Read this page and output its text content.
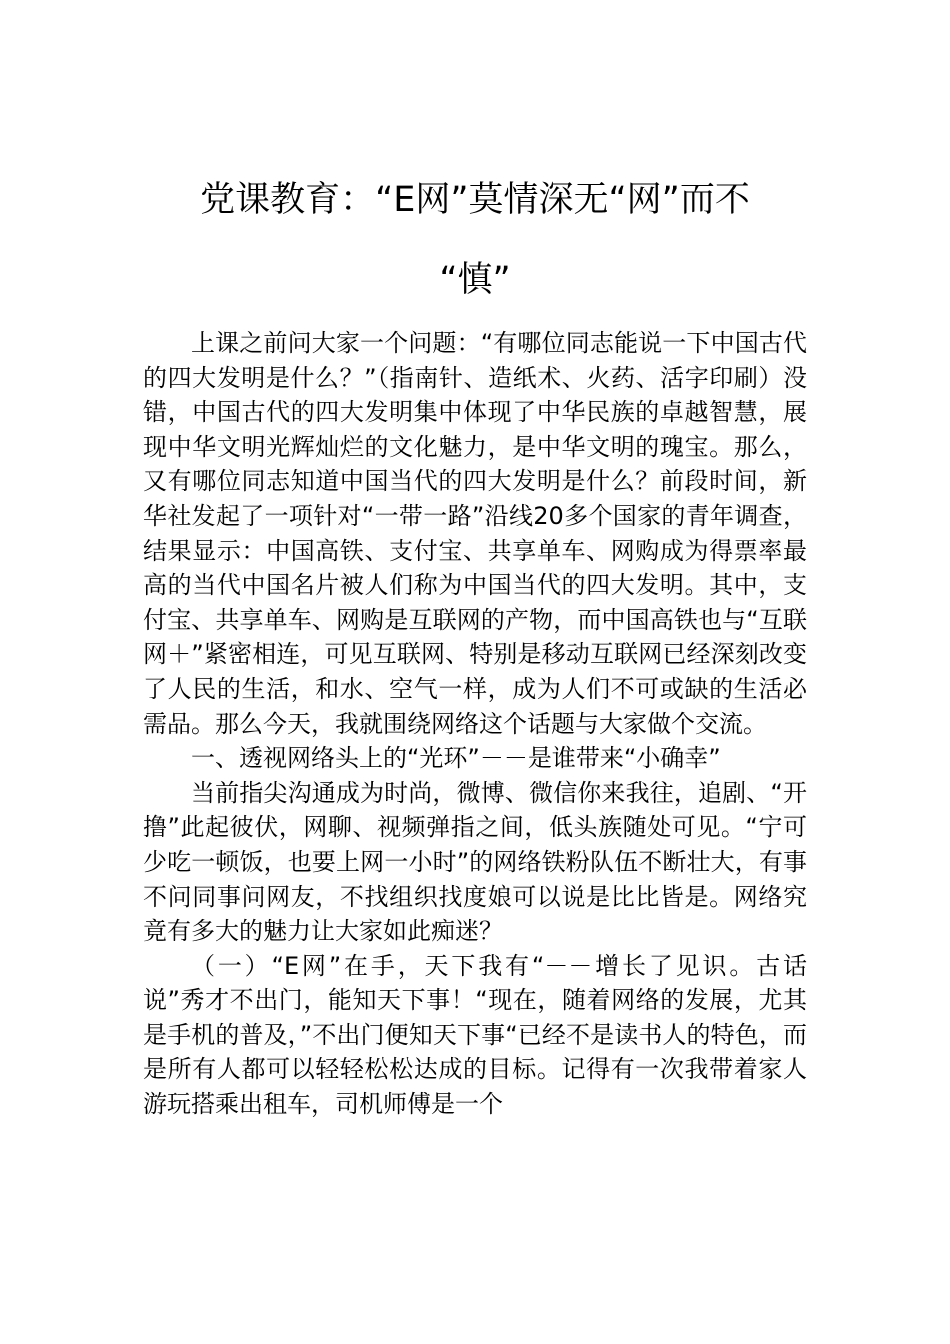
党课教育：“E网”莫情深无“网”而不
“慎”

上课之前问大家一个问题：“有哪位同志能说一下中国古代的四大发明是什么？”（指南针、造纸术、火药、活字印刷）没错，中国古代的四大发明集中体现了中华民族的卓越智慧，展现中华文明光辉灿烂的文化魅力，是中华文明的瑰宝。那么，又有哪位同志知道中国当代的四大发明是什么？前段时间，新华社发起了一项针对“一带一路”沿线20多个国家的青年调查，结果显示：中国高铁、支付宝、共享单车、网购成为得票率最高的当代中国名片被人们称为中国当代的四大发明。其中，支付宝、共享单车、网购是互联网的产物，而中国高铁也与“互联网＋”紧密相连，可见互联网、特别是移动互联网已经深刻改变了人民的生活，和水、空气一样，成为人们不可或缺的生活必需品。那么今天，我就围绕网络这个话题与大家做个交流。

一、透视网络头上的“光环”－－是谁带来“小确幸”

当前指尖沟通成为时尚，微博、微信你来我往，追剧、“开撸”此起彼伏，网聊、视频弹指之间，低头族随处可见。“宁可少吃一顿饭，也要上网一小时”的网络铁粉队伍不断壮大，有事不问同事问网友，不找组织找度娘可以说是比比皆是。网络究竟有多大的魅力让大家如此痴迷？

（一）“E网”在手，天下我有“－－增长了见识。古话说”秀才不出门，能知天下事！“现在，随着网络的发展，尤其是手机的普及，”不出门便知天下事“已经不是读书人的特色，而是所有人都可以轻轻松松达成的目标。记得有一次我带着家人游玩搭乘出租车，司机师傅是一个
